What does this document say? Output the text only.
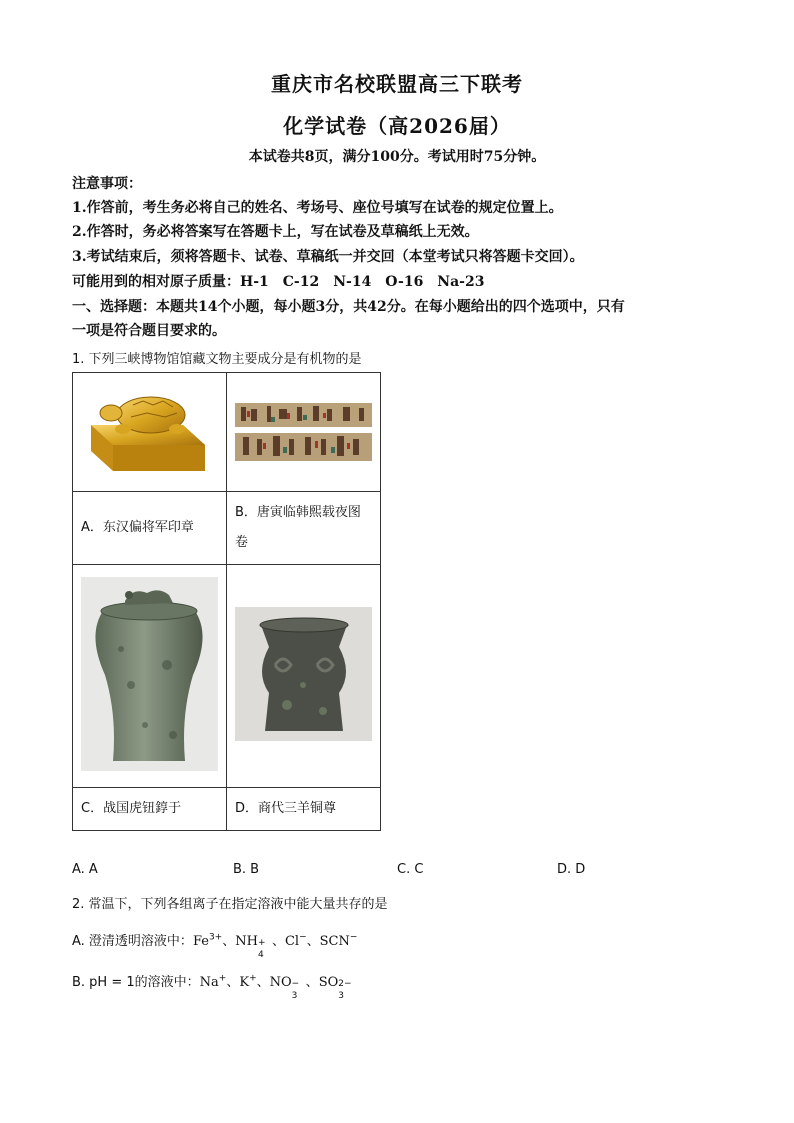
重庆市名校联盟高三下联考
化学试卷（高2026届）
本试卷共8页，满分100分。考试用时75分钟。
注意事项：
1.作答前，考生务必将自己的姓名、考场号、座位号填写在试卷的规定位置上。
2.作答时，务必将答案写在答题卡上，写在试卷及草稿纸上无效。
3.考试结束后，须将答题卡、试卷、草稿纸一并交回（本堂考试只将答题卡交回）。
可能用到的相对原子质量：H-1　C-12　N-14　O-16　Na-23
一、选择题：本题共14个小题，每小题3分，共42分。在每小题给出的四个选项中，只有
一项是符合题目要求的。
1. 下列三峡博物馆馆藏文物主要成分是有机物的是

A．东汉偏将军印章	B．唐寅临韩熙载夜图
卷

C．战国虎钮錞于	D．商代三羊铜尊
A. A	B. B	C. C	D. D
2. 常温下，下列各组离子在指定溶液中能大量共存的是
A. 澄清透明溶液中：$Fe^{3+}$、NH +
4
、Cl−、SCN−
B. pH = 1的溶液中：Na+、K+、NO −
3
、SO 2−
3
